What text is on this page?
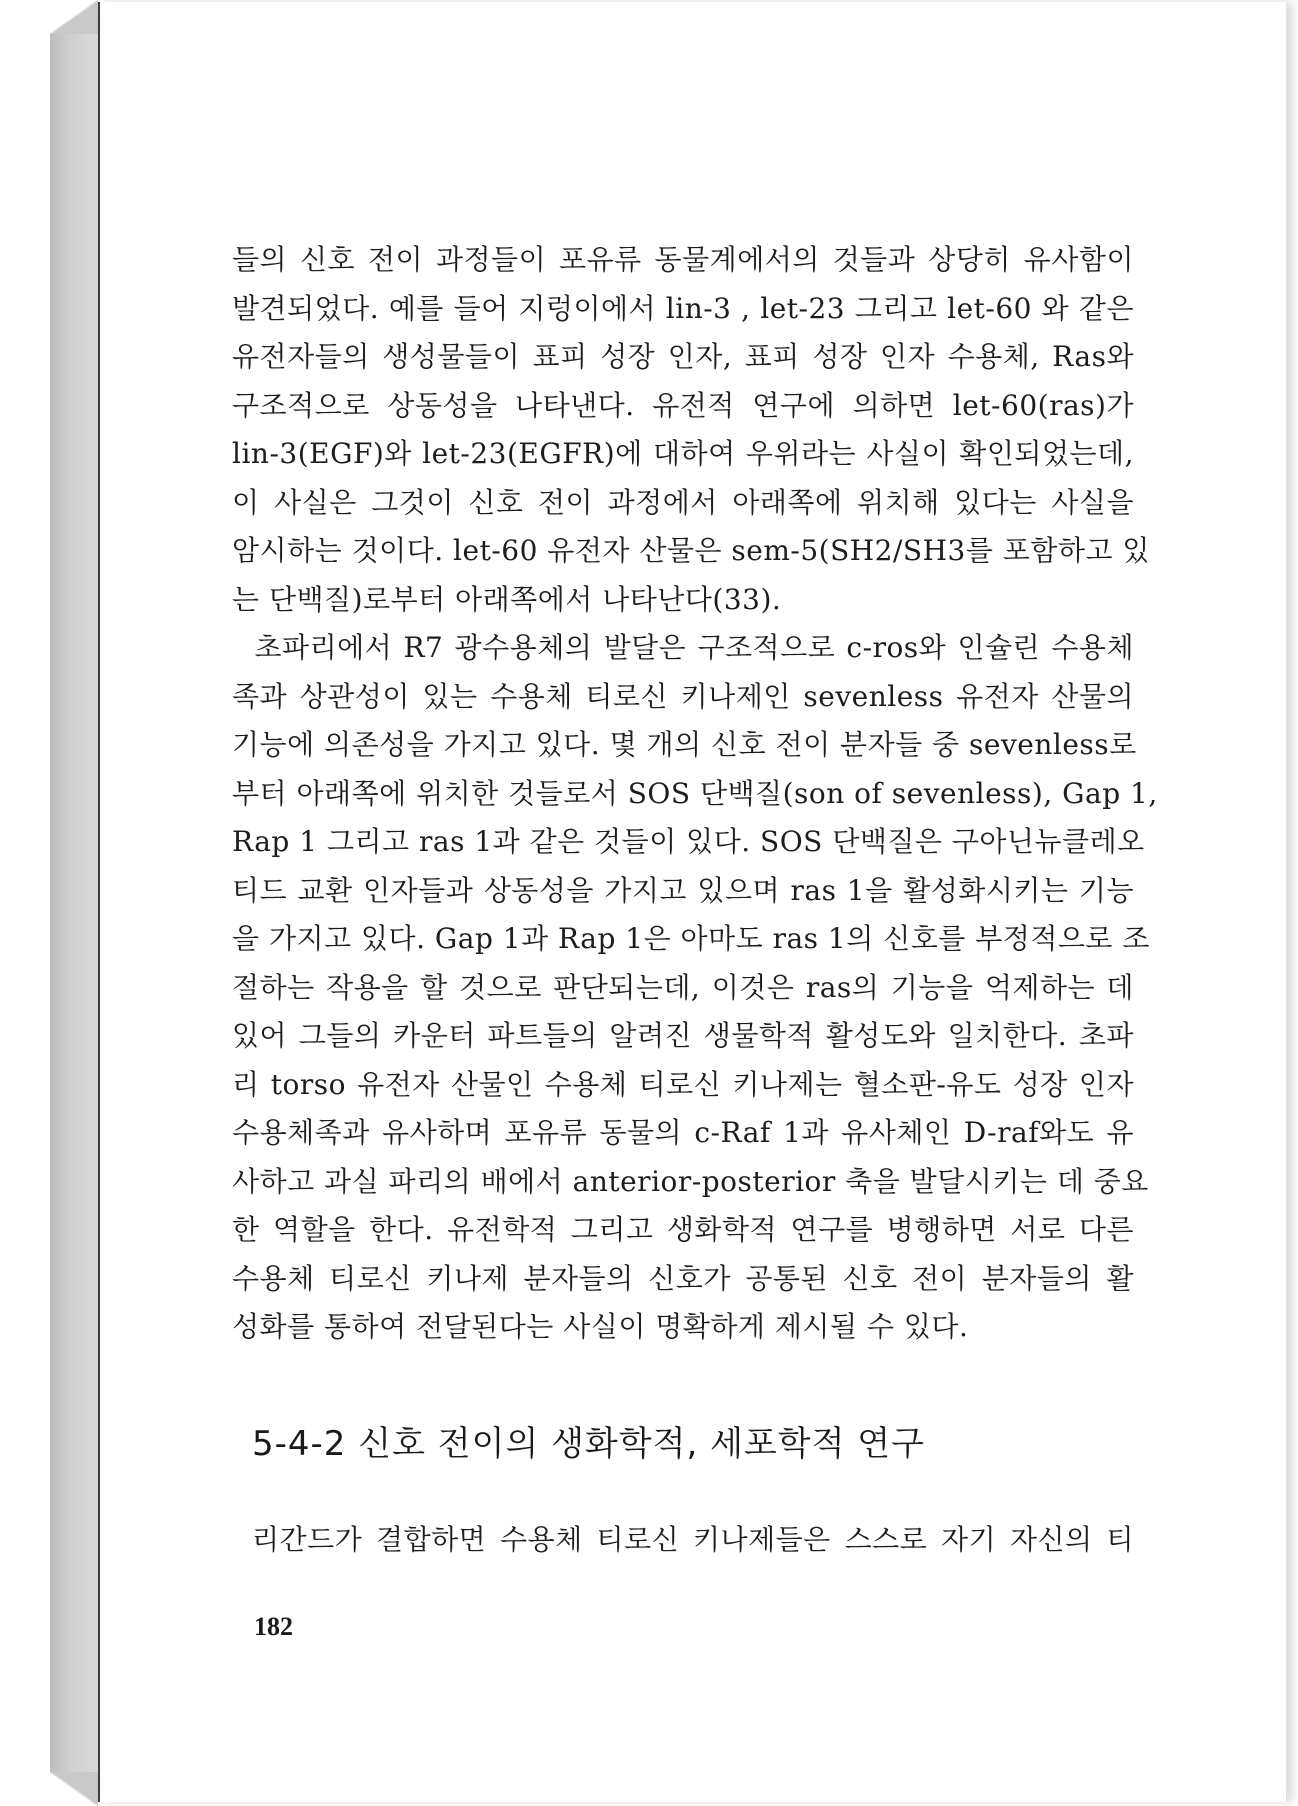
들의 신호 전이 과정들이 포유류 동물계에서의 것들과 상당히 유사함이
발견되었다. 예를 들어 지렁이에서 lin-3 , let-23 그리고 let-60 와 같은
유전자들의 생성물들이 표피 성장 인자, 표피 성장 인자 수용체, Ras와
구조적으로 상동성을 나타낸다. 유전적 연구에 의하면 let-60(ras)가
lin-3(EGF)와 let-23(EGFR)에 대하여 우위라는 사실이 확인되었는데,
이 사실은 그것이 신호 전이 과정에서 아래쪽에 위치해 있다는 사실을
암시하는 것이다. let-60 유전자 산물은 sem-5(SH2/SH3를 포함하고 있
는 단백질)로부터 아래쪽에서 나타난다(33).
초파리에서 R7 광수용체의 발달은 구조적으로 c-ros와 인슐린 수용체
족과 상관성이 있는 수용체 티로신 키나제인 sevenless 유전자 산물의
기능에 의존성을 가지고 있다. 몇 개의 신호 전이 분자들 중 sevenless로
부터 아래쪽에 위치한 것들로서 SOS 단백질(son of sevenless), Gap 1,
Rap 1 그리고 ras 1과 같은 것들이 있다. SOS 단백질은 구아닌뉴클레오
티드 교환 인자들과 상동성을 가지고 있으며 ras 1을 활성화시키는 기능
을 가지고 있다. Gap 1과 Rap 1은 아마도 ras 1의 신호를 부정적으로 조
절하는 작용을 할 것으로 판단되는데, 이것은 ras의 기능을 억제하는 데
있어 그들의 카운터 파트들의 알려진 생물학적 활성도와 일치한다. 초파
리 torso 유전자 산물인 수용체 티로신 키나제는 혈소판-유도 성장 인자
수용체족과 유사하며 포유류 동물의 c-Raf 1과 유사체인 D-raf와도 유
사하고 과실 파리의 배에서 anterior-posterior 축을 발달시키는 데 중요
한 역할을 한다. 유전학적 그리고 생화학적 연구를 병행하면 서로 다른
수용체 티로신 키나제 분자들의 신호가 공통된 신호 전이 분자들의 활
성화를 통하여 전달된다는 사실이 명확하게 제시될 수 있다.
5-4-2 신호 전이의 생화학적, 세포학적 연구
리간드가 결합하면 수용체 티로신 키나제들은 스스로 자기 자신의 티
182
